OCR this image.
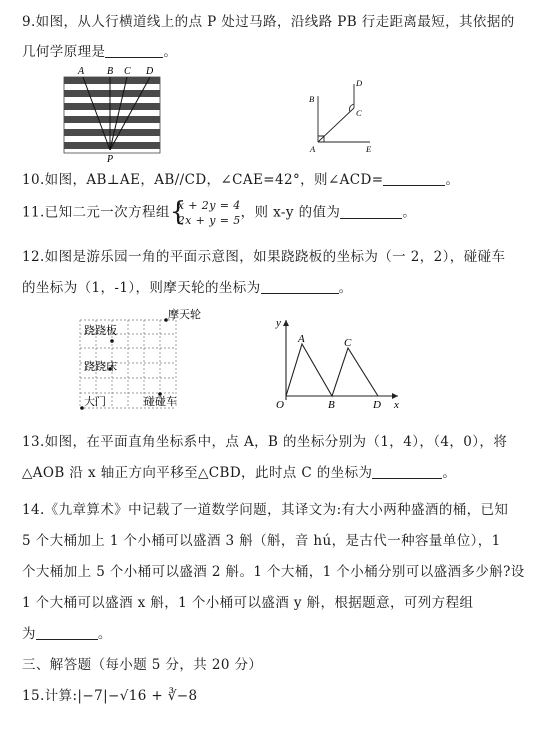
9.如图，从人行横道线上的点 P 处过马路，沿线路 PB 行走距离最短，其依据的
几何学原理是	。
A B C D
P
B
D
C
A	E
10.如图，AB⊥AE，AB//CD，∠CAE=42°，则∠ACD=	。
11.已知二元一次方程组 {
x + 2y = 4
2x + y = 5 ，则 x-y 的值为	。
12.如图是游乐园一角的平面示意图，如果跷跷板的坐标为（一 2，2），碰碰车
的坐标为（1，-1），则摩天轮的坐标为	。
摩天轮
跷跷板
跷跷床
大门	碰碰车
y
x
O
A
B
C
D
13.如图，在平面直角坐标系中，点 A，B 的坐标分别为（1，4），（4，0），将
△AOB 沿 x 轴正方向平移至△CBD，此时点 C 的坐标为	。
14.《九章算术》中记载了一道数学问题，其译文为:有大小两种盛酒的桶，已知
5 个大桶加上 1 个小桶可以盛酒 3 斛（斛，音 hú，是古代一种容量单位），1
个大桶加上 5 个小桶可以盛酒 2 斛。1 个大桶，1 个小桶分别可以盛酒多少斛?设
1 个大桶可以盛酒 x 斛，1 个小桶可以盛酒 y 斛，根据题意，可列方程组
为	。
三、解答题（每小题 5 分，共 20 分）
15.计算:|−7|−√16 + ∛−8
